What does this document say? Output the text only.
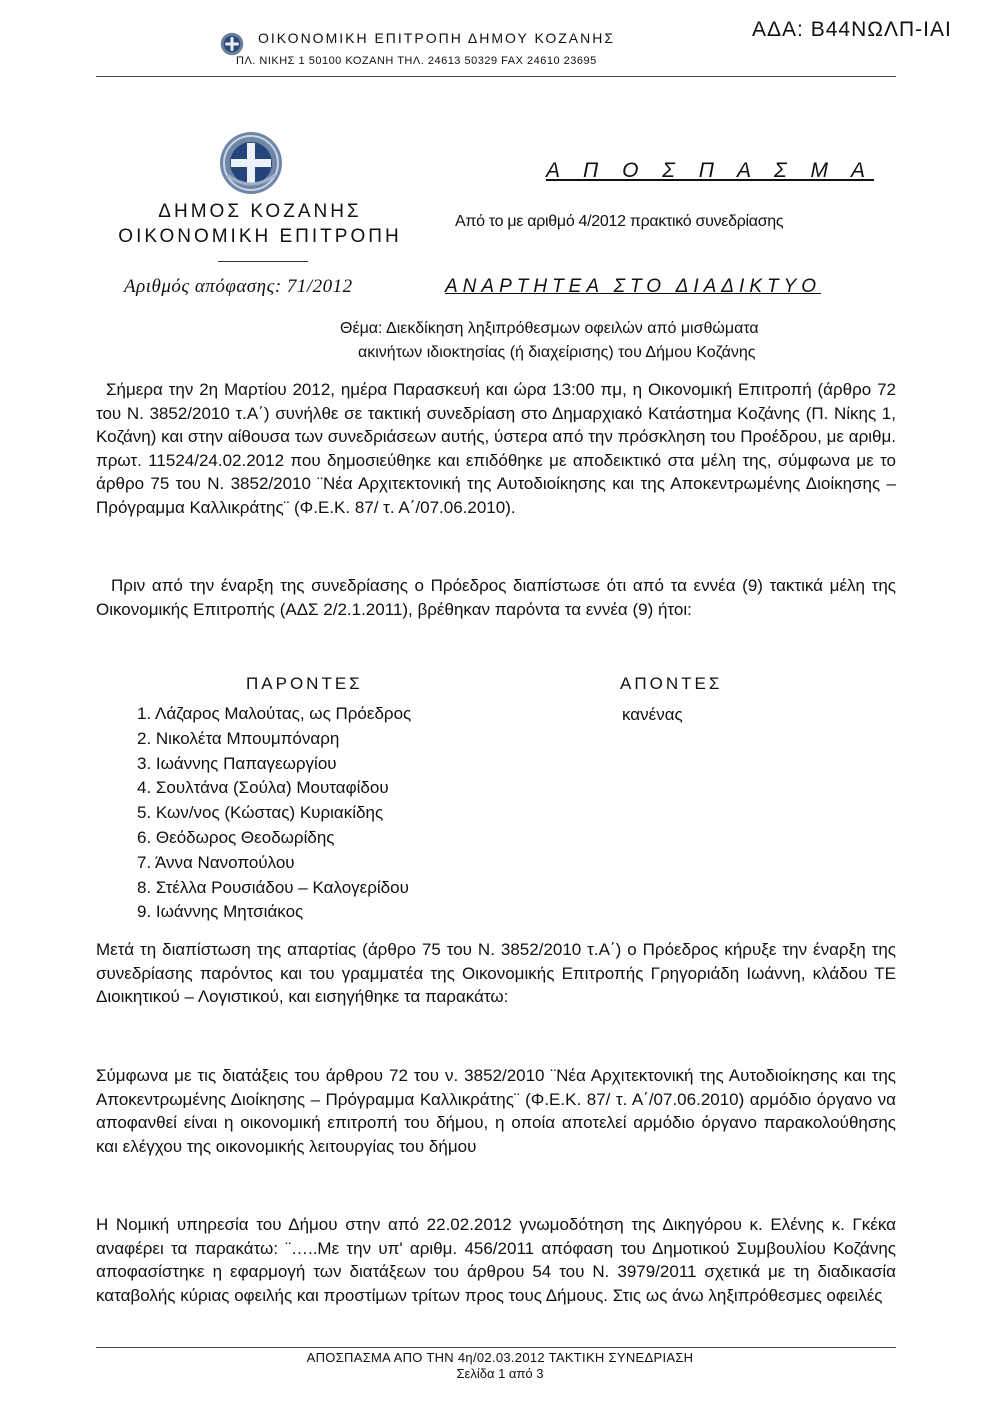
ΟΙΚΟΝΟΜΙΚΗ ΕΠΙΤΡΟΠΗ ΔΗΜΟΥ ΚΟΖΑΝΗΣ
ΠΛ. ΝΙΚΗΣ 1 50100 ΚΟΖΑΝΗ ΤΗΛ. 24613 50329 FAX 24610 23695
ΑΔΑ: Β44ΝΩΛΠ-ΙΑΙ
ΔΗΜΟΣ ΚΟΖΑΝΗΣ
ΟΙΚΟΝΟΜΙΚΗ ΕΠΙΤΡΟΠΗ
Αριθμός απόφασης: 71/2012
Α Π Ο Σ Π Α Σ Μ Α
Από το με αριθμό 4/2012 πρακτικό συνεδρίασης
ΑΝΑΡΤΗΤΕΑ ΣΤΟ ΔΙΑΔΙΚΤΥΟ
Θέμα: Διεκδίκηση ληξιπρόθεσμων οφειλών από μισθώματα
ακινήτων ιδιοκτησίας (ή διαχείρισης) του Δήμου Κοζάνης
Σήμερα την 2η Μαρτίου 2012, ημέρα Παρασκευή και ώρα 13:00 πμ, η Οικονομική Επιτροπή (άρθρο 72 του Ν. 3852/2010 τ.Α΄) συνήλθε σε τακτική συνεδρίαση στο Δημαρχιακό Κατάστημα Κοζάνης (Π. Νίκης 1, Κοζάνη) και στην αίθουσα των συνεδριάσεων αυτής, ύστερα από την πρόσκληση του Προέδρου, με αριθμ. πρωτ. 11524/24.02.2012 που δημοσιεύθηκε και επιδόθηκε με αποδεικτικό στα μέλη της, σύμφωνα με το άρθρο 75 του Ν. 3852/2010 ¨Νέα Αρχιτεκτονική της Αυτοδιοίκησης και της Αποκεντρωμένης Διοίκησης – Πρόγραμμα Καλλικράτης¨ (Φ.Ε.Κ. 87/ τ. Α΄/07.06.2010).
Πριν από την έναρξη της συνεδρίασης ο Πρόεδρος διαπίστωσε ότι από τα εννέα (9) τακτικά μέλη της Οικονομικής Επιτροπής (ΑΔΣ 2/2.1.2011), βρέθηκαν παρόντα τα εννέα (9) ήτοι:
ΠΑΡΟΝΤΕΣ	ΑΠΟΝΤΕΣ
1. Λάζαρος Μαλούτας, ως Πρόεδρος
2. Νικολέτα Μπουμπόναρη
3. Ιωάννης Παπαγεωργίου
4. Σουλτάνα (Σούλα) Μουταφίδου
5. Κων/νος (Κώστας) Κυριακίδης
6. Θεόδωρος Θεοδωρίδης
7. Άννα Νανοπούλου
8. Στέλλα Ρουσιάδου – Καλογερίδου
9. Ιωάννης Μητσιάκος
κανένας
Μετά τη διαπίστωση της απαρτίας (άρθρο 75 του Ν. 3852/2010 τ.Α΄) ο Πρόεδρος κήρυξε την έναρξη της συνεδρίασης παρόντος και του γραμματέα της Οικονομικής Επιτροπής Γρηγοριάδη Ιωάννη, κλάδου ΤΕ Διοικητικού – Λογιστικού, και εισηγήθηκε τα παρακάτω:
Σύμφωνα με τις διατάξεις του άρθρου 72 του ν. 3852/2010 ¨Νέα Αρχιτεκτονική της Αυτοδιοίκησης και της Αποκεντρωμένης Διοίκησης – Πρόγραμμα Καλλικράτης¨ (Φ.Ε.Κ. 87/ τ. Α΄/07.06.2010) αρμόδιο όργανο να αποφανθεί είναι η οικονομική επιτροπή του δήμου, η οποία αποτελεί αρμόδιο όργανο παρακολούθησης και ελέγχου της οικονομικής λειτουργίας του δήμου
Η Νομική υπηρεσία του Δήμου στην από 22.02.2012 γνωμοδότηση της Δικηγόρου κ. Ελένης κ. Γκέκα αναφέρει τα παρακάτω: ¨…..Με την υπ' αριθμ. 456/2011 απόφαση του Δημοτικού Συμβουλίου Κοζάνης αποφασίστηκε η εφαρμογή των διατάξεων του άρθρου 54 του Ν. 3979/2011 σχετικά με τη διαδικασία καταβολής κύριας οφειλής και προστίμων τρίτων προς τους Δήμους. Στις ως άνω ληξιπρόθεσμες οφειλές
ΑΠΟΣΠΑΣΜΑ ΑΠΟ ΤΗΝ 4η/02.03.2012 ΤΑΚΤΙΚΗ ΣΥΝΕΔΡΙΑΣΗ
Σελίδα 1 από 3
